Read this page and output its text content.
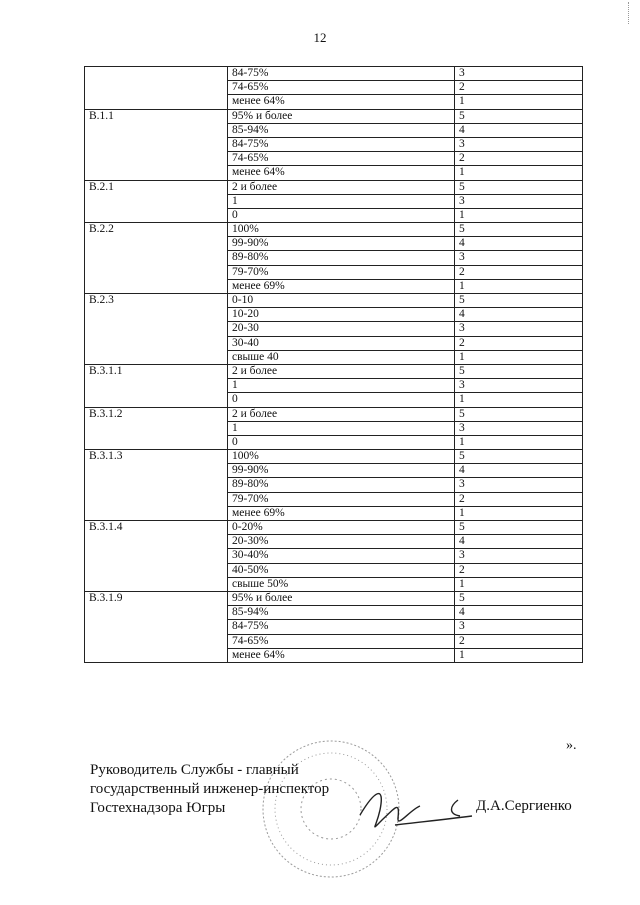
12
	84-75%	3
	74-65%	2
	менее 64%	1
В.1.1	95% и более	5
	85-94%	4
	84-75%	3
	74-65%	2
	менее 64%	1
В.2.1	2 и более	5
	1	3
	0	1
В.2.2	100%	5
	99-90%	4
	89-80%	3
	79-70%	2
	менее 69%	1
В.2.3	0-10	5
	10-20	4
	20-30	3
	30-40	2
	свыше 40	1
В.3.1.1	2 и более	5
	1	3
	0	1
В.3.1.2	2 и более	5
	1	3
	0	1
В.3.1.3	100%	5
	99-90%	4
	89-80%	3
	79-70%	2
	менее 69%	1
В.3.1.4	0-20%	5
	20-30%	4
	30-40%	3
	40-50%	2
	свыше 50%	1
В.3.1.9	95% и более	5
	85-94%	4
	84-75%	3
	74-65%	2
	менее 64%	1
».
Руководитель Службы - главный
государственный инженер-инспектор
Гостехнадзора Югры	Д.А.Сергиенко
